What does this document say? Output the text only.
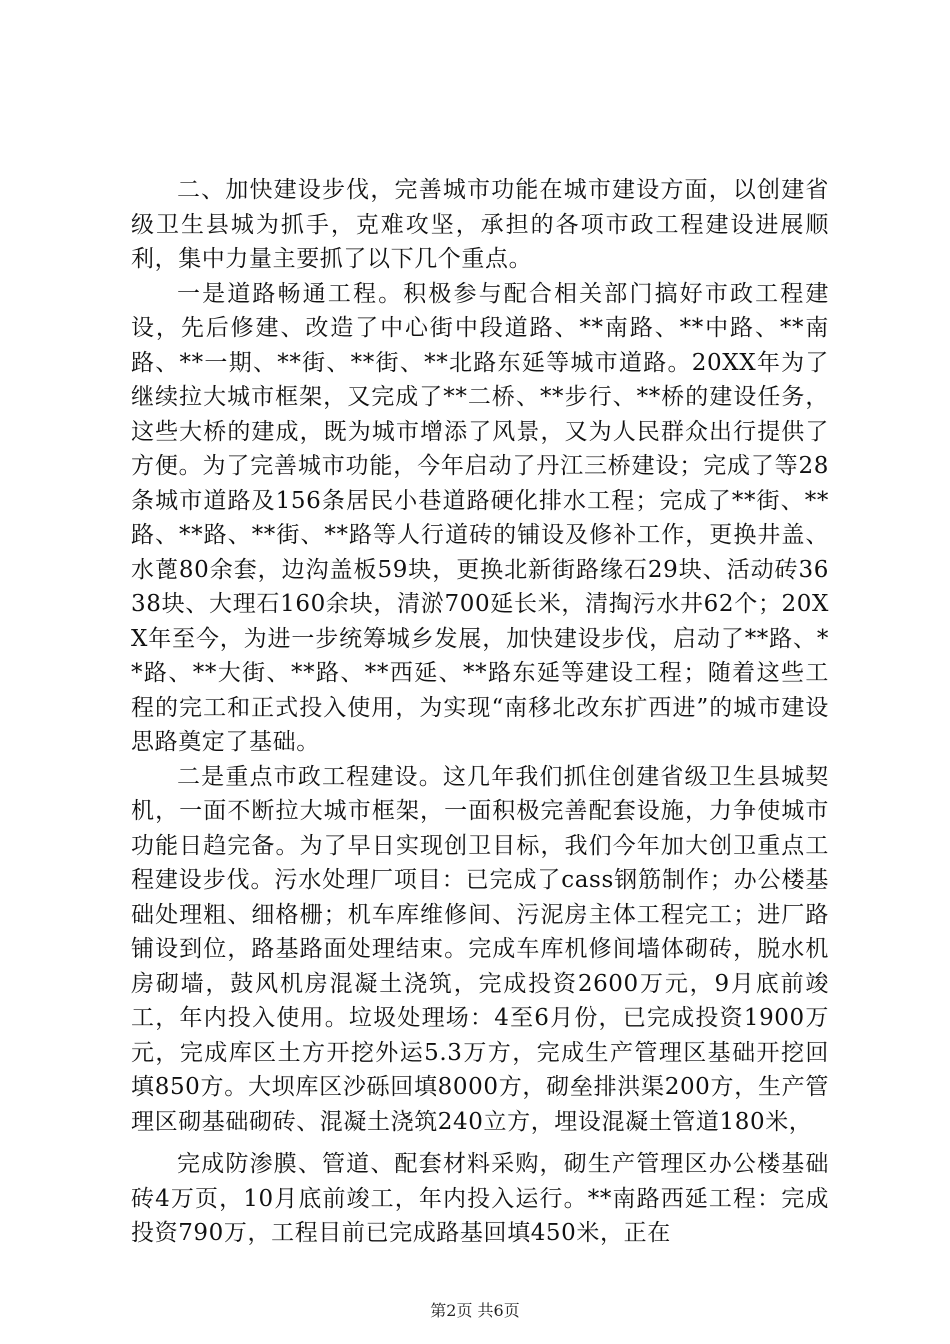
二、加快建设步伐，完善城市功能在城市建设方面，以创建省级卫生县城为抓手，克难攻坚，承担的各项市政工程建设进展顺利，集中力量主要抓了以下几个重点。

一是道路畅通工程。积极参与配合相关部门搞好市政工程建设，先后修建、改造了中心街中段道路、**南路、**中路、**南路、**一期、**街、**街、**北路东延等城市道路。20XX年为了继续拉大城市框架，又完成了**二桥、**步行、**桥的建设任务，这些大桥的建成，既为城市增添了风景，又为人民群众出行提供了方便。为了完善城市功能，今年启动了丹江三桥建设；完成了等28条城市道路及156条居民小巷道路硬化排水工程；完成了**街、**路、**路、**街、**路等人行道砖的铺设及修补工作，更换井盖、水蓖80余套，边沟盖板59块，更换北新街路缘石29块、活动砖3638块、大理石160余块，清淤700延长米，清掏污水井62个；20XX年至今，为进一步统筹城乡发展，加快建设步伐，启动了**路、**路、**大街、**路、**西延、**路东延等建设工程；随着这些工程的完工和正式投入使用，为实现“南移北改东扩西进”的城市建设思路奠定了基础。

二是重点市政工程建设。这几年我们抓住创建省级卫生县城契机，一面不断拉大城市框架，一面积极完善配套设施，力争使城市功能日趋完备。为了早日实现创卫目标，我们今年加大创卫重点工程建设步伐。污水处理厂项目：已完成了cass钢筋制作；办公楼基础处理粗、细格栅；机车库维修间、污泥房主体工程完工；进厂路铺设到位，路基路面处理结束。完成车库机修间墙体砌砖，脱水机房砌墙，鼓风机房混凝土浇筑，完成投资2600万元，9月底前竣工，年内投入使用。垃圾处理场：4至6月份，已完成投资1900万元，完成库区土方开挖外运5.3万方，完成生产管理区基础开挖回填850方。大坝库区沙砾回填8000方，砌垒排洪渠200方，生产管理区砌基础砌砖、混凝土浇筑240立方，埋设混凝土管道180米，

完成防渗膜、管道、配套材料采购，砌生产管理区办公楼基础砖4万页，10月底前竣工，年内投入运行。**南路西延工程：完成投资790万，工程目前已完成路基回填450米，正在

第2页 共6页
